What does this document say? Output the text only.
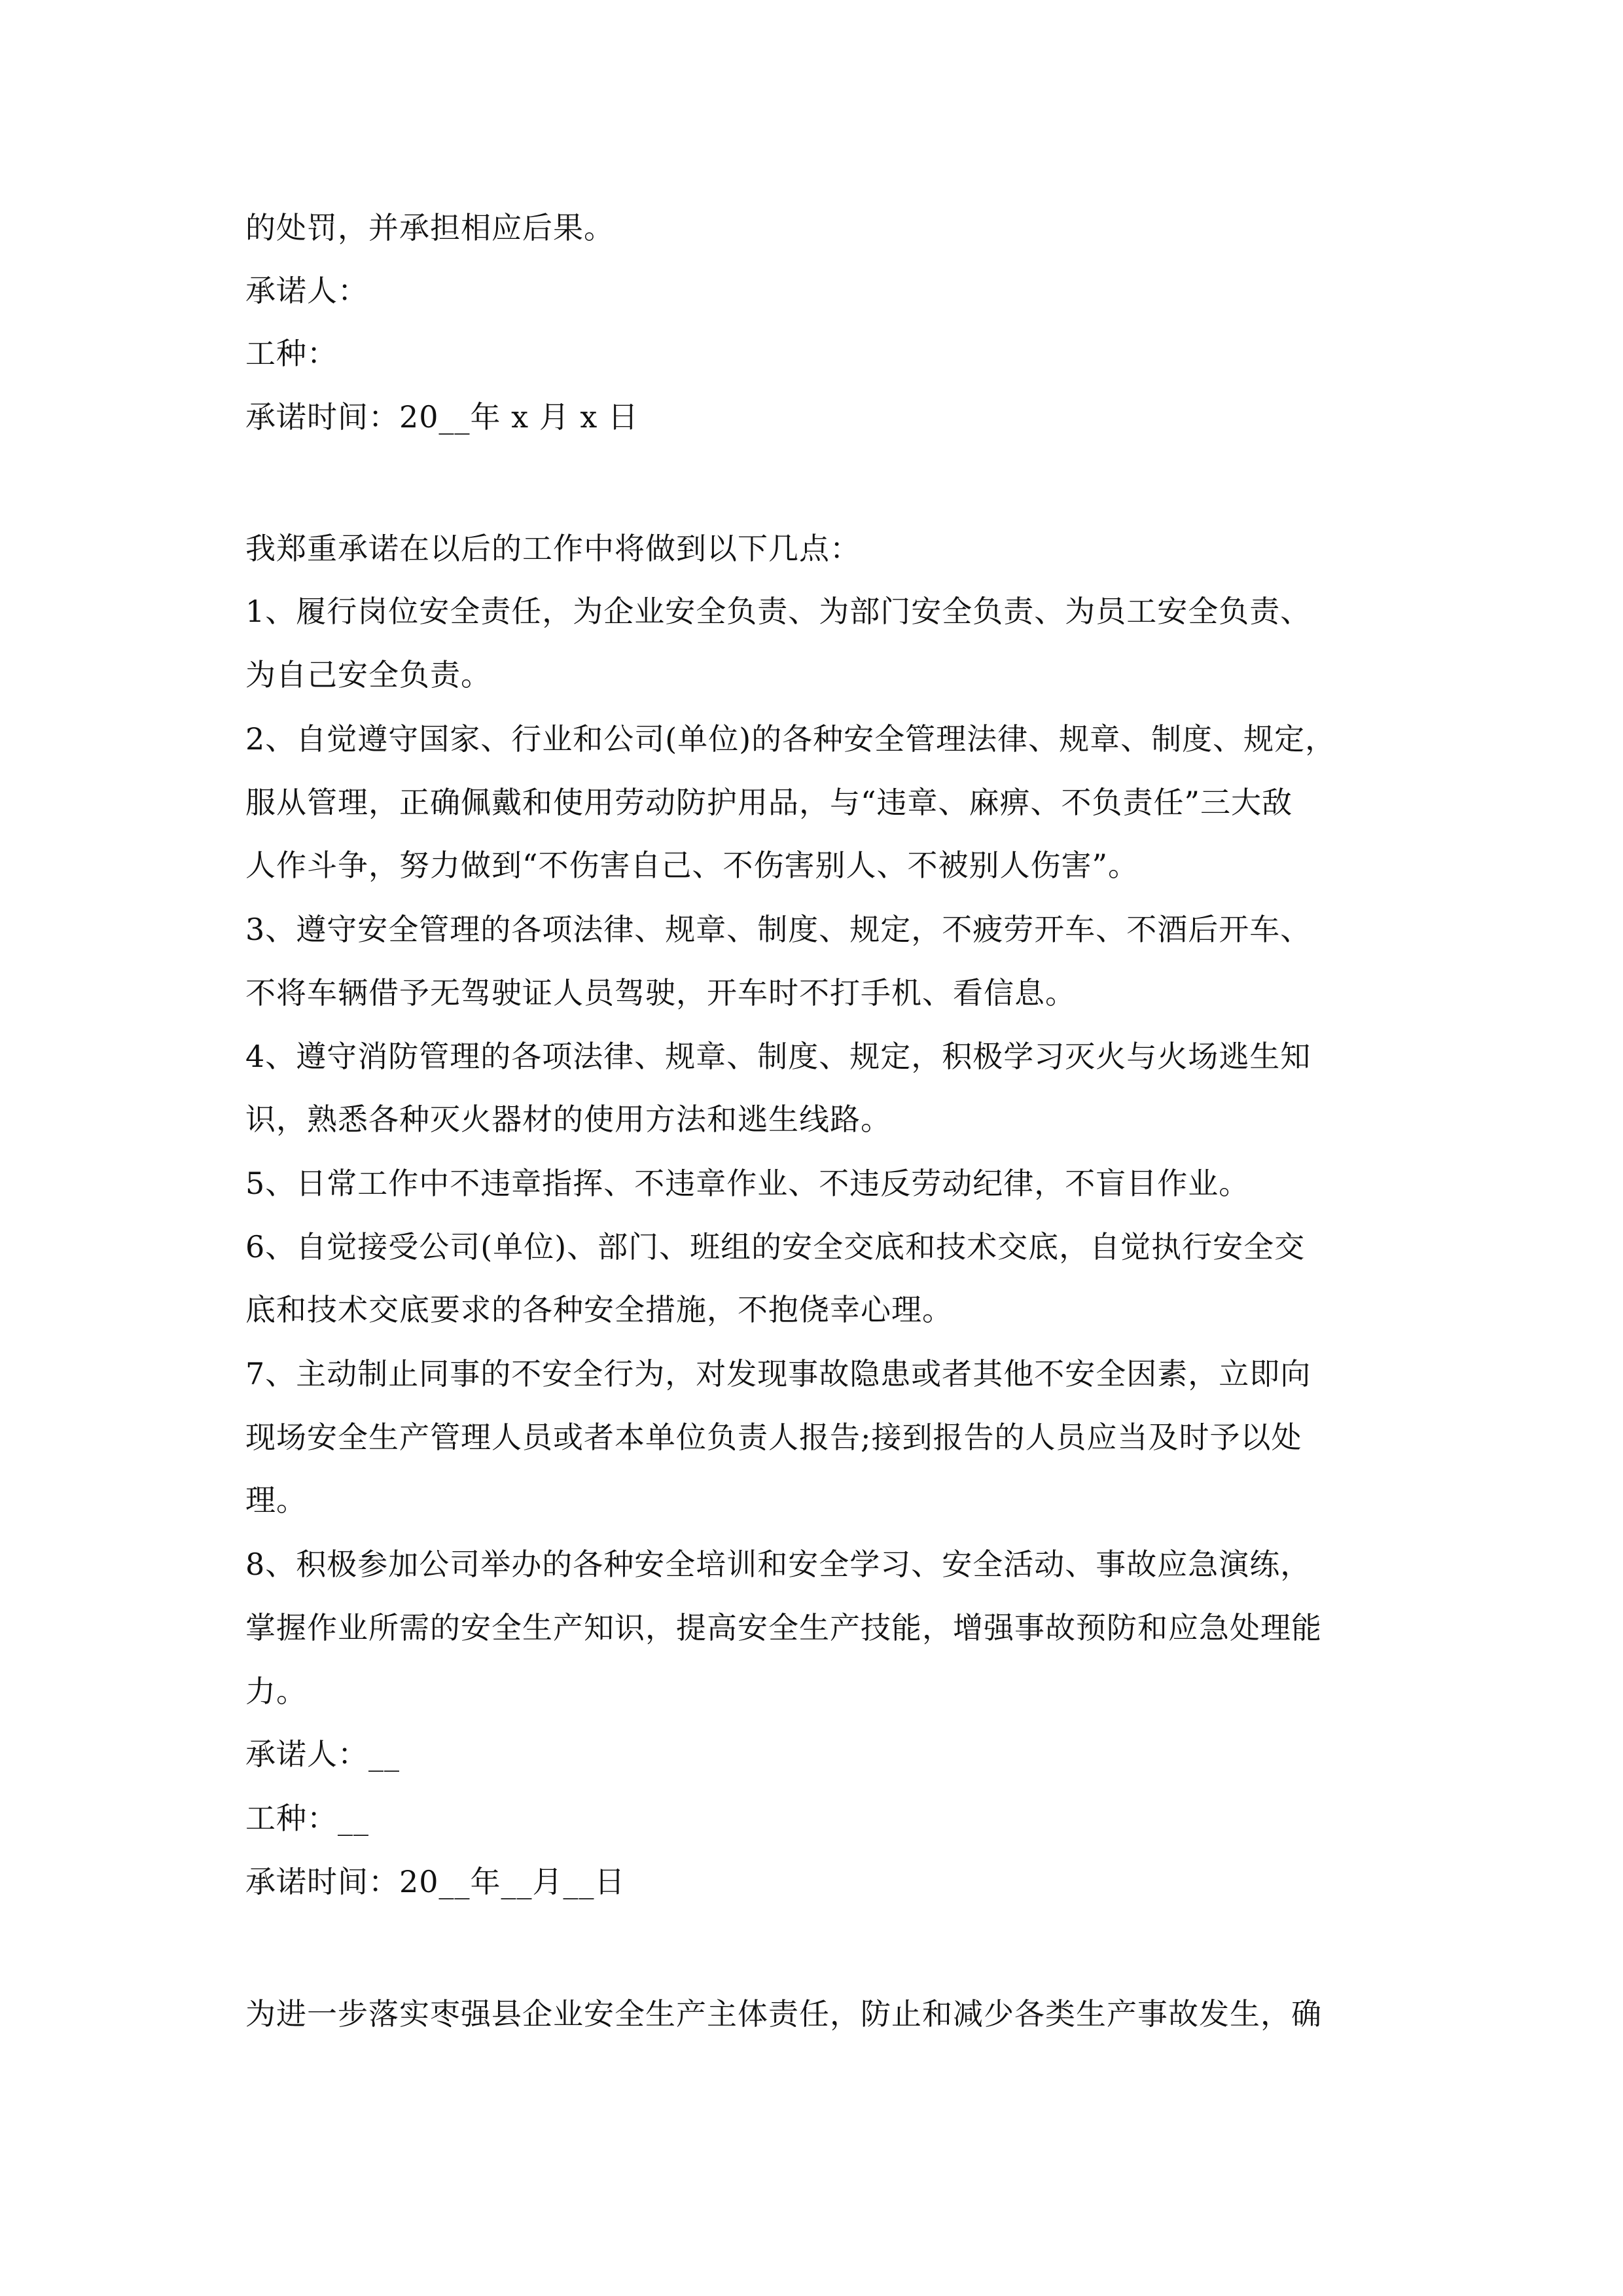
的处罚，并承担相应后果。
承诺人：
工种：
承诺时间：20__年 x 月 x 日
我郑重承诺在以后的工作中将做到以下几点：
1、履行岗位安全责任，为企业安全负责、为部门安全负责、为员工安全负责、
为自己安全负责。
2、自觉遵守国家、行业和公司(单位)的各种安全管理法律、规章、制度、规定，
服从管理，正确佩戴和使用劳动防护用品，与“违章、麻痹、不负责任”三大敌
人作斗争，努力做到“不伤害自己、不伤害别人、不被别人伤害”。
3、遵守安全管理的各项法律、规章、制度、规定，不疲劳开车、不酒后开车、
不将车辆借予无驾驶证人员驾驶，开车时不打手机、看信息。
4、遵守消防管理的各项法律、规章、制度、规定，积极学习灭火与火场逃生知
识，熟悉各种灭火器材的使用方法和逃生线路。
5、日常工作中不违章指挥、不违章作业、不违反劳动纪律，不盲目作业。
6、自觉接受公司(单位)、部门、班组的安全交底和技术交底，自觉执行安全交
底和技术交底要求的各种安全措施，不抱侥幸心理。
7、主动制止同事的不安全行为，对发现事故隐患或者其他不安全因素，立即向
现场安全生产管理人员或者本单位负责人报告;接到报告的人员应当及时予以处
理。
8、积极参加公司举办的各种安全培训和安全学习、安全活动、事故应急演练，
掌握作业所需的安全生产知识，提高安全生产技能，增强事故预防和应急处理能
力。
承诺人：__
工种：__
承诺时间：20__年__月__日
为进一步落实枣强县企业安全生产主体责任，防止和减少各类生产事故发生，确
